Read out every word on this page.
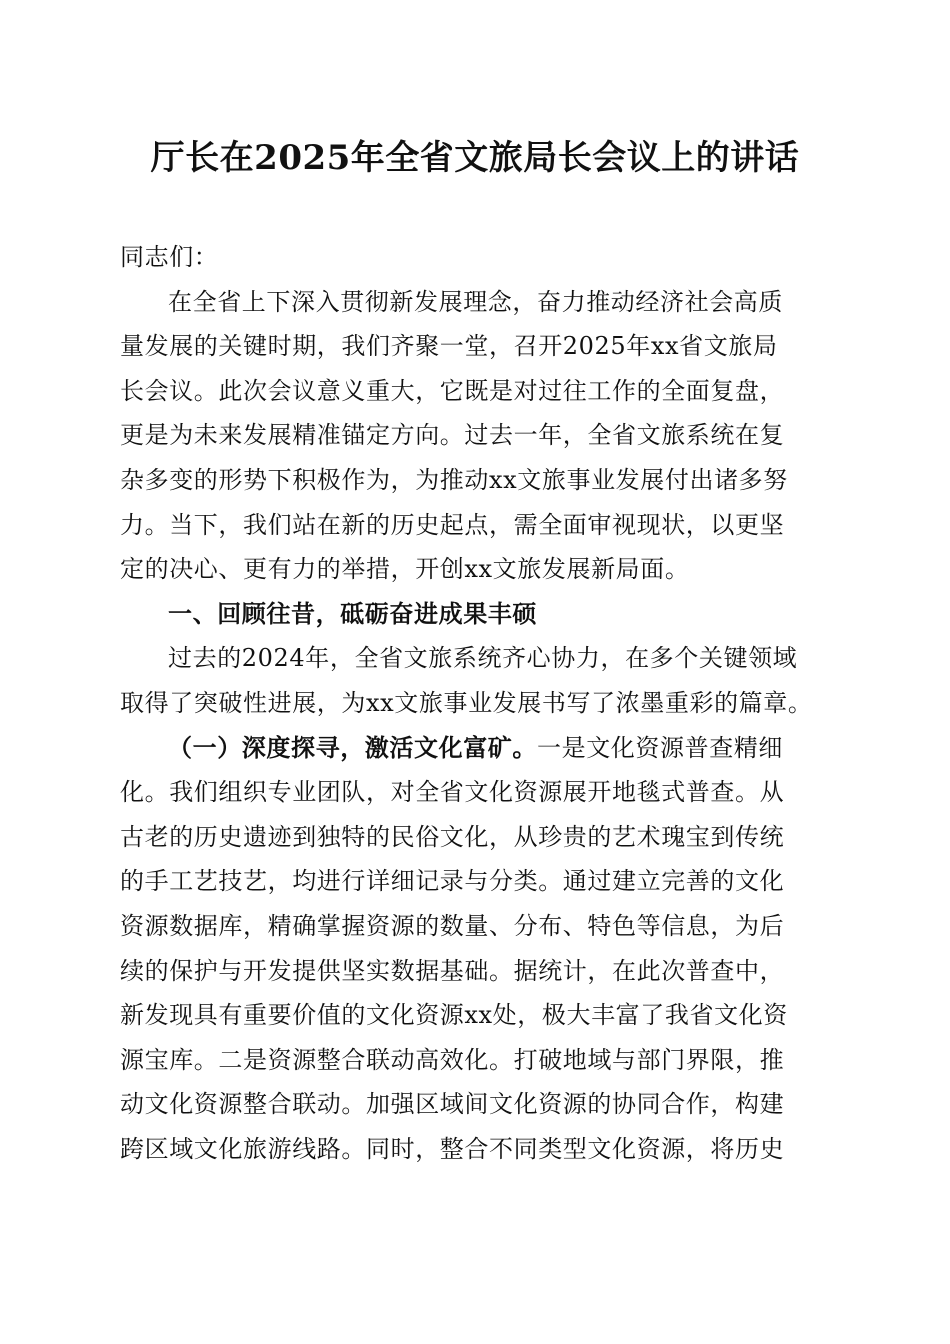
厅长在2025年全省文旅局长会议上的讲话
同志们：
在全省上下深入贯彻新发展理念，奋力推动经济社会高质
量发展的关键时期，我们齐聚一堂，召开2025年xx省文旅局
长会议。此次会议意义重大，它既是对过往工作的全面复盘，
更是为未来发展精准锚定方向。过去一年，全省文旅系统在复
杂多变的形势下积极作为，为推动xx文旅事业发展付出诸多努
力。当下，我们站在新的历史起点，需全面审视现状，以更坚
定的决心、更有力的举措，开创xx文旅发展新局面。
一、回顾往昔，砥砺奋进成果丰硕
过去的2024年，全省文旅系统齐心协力，在多个关键领域
取得了突破性进展，为xx文旅事业发展书写了浓墨重彩的篇章。
（一）深度探寻，激活文化富矿。一是文化资源普查精细
化。我们组织专业团队，对全省文化资源展开地毯式普查。从
古老的历史遗迹到独特的民俗文化，从珍贵的艺术瑰宝到传统
的手工艺技艺，均进行详细记录与分类。通过建立完善的文化
资源数据库，精确掌握资源的数量、分布、特色等信息，为后
续的保护与开发提供坚实数据基础。据统计，在此次普查中，
新发现具有重要价值的文化资源xx处，极大丰富了我省文化资
源宝库。二是资源整合联动高效化。打破地域与部门界限，推
动文化资源整合联动。加强区域间文化资源的协同合作，构建
跨区域文化旅游线路。同时，整合不同类型文化资源，将历史
